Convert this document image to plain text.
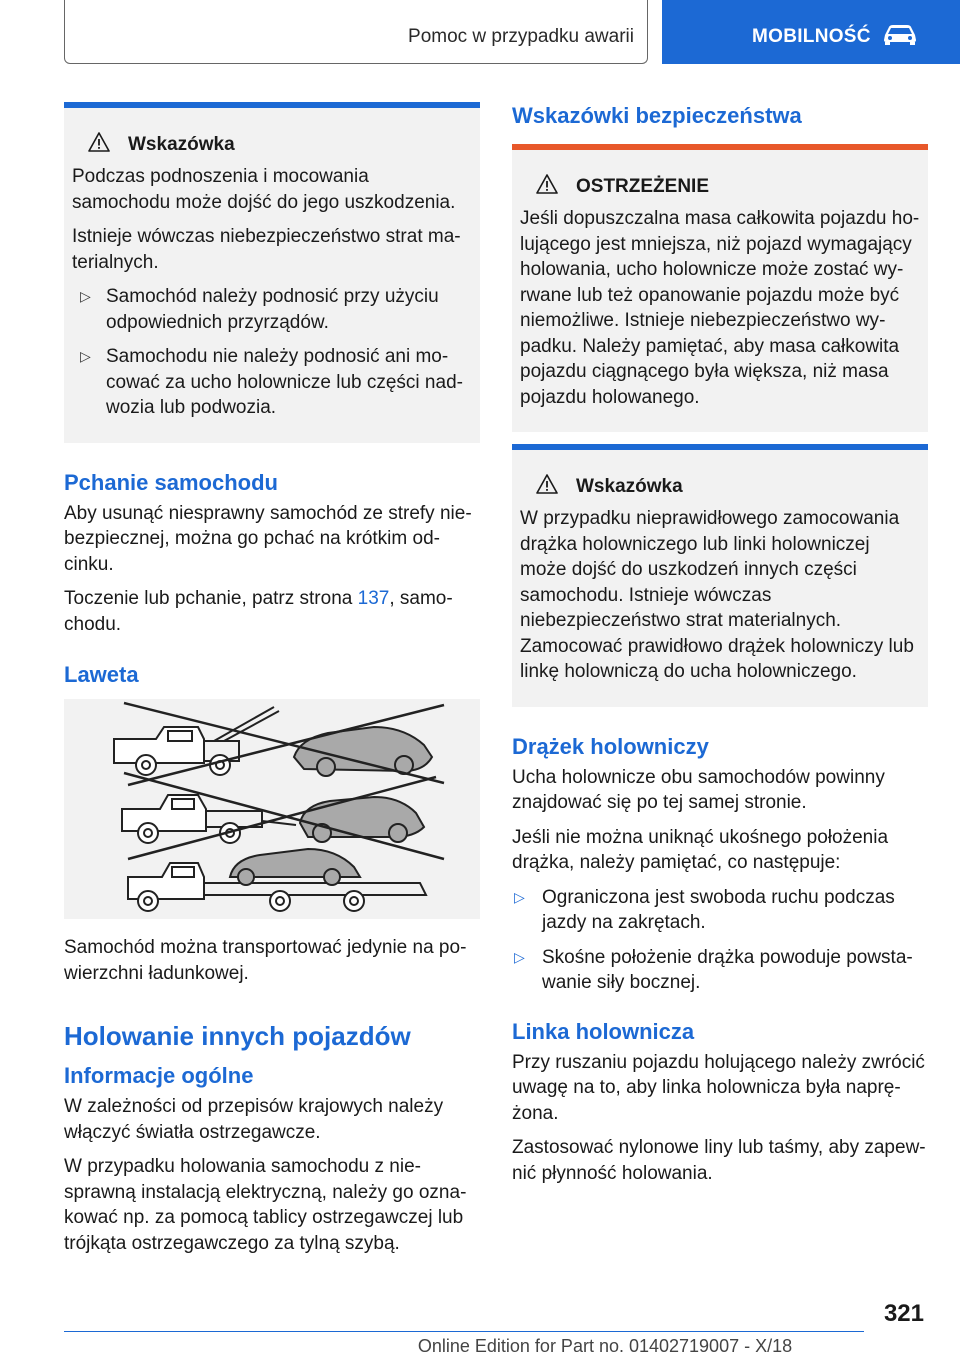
Pomoc w przypadku awarii	MOBILNOŚĆ
Wskazówka

Podczas podnoszenia i mocowania samochodu może dojść do jego uszkodzenia.

Istnieje wówczas niebezpieczeństwo strat materialnych.

▷ Samochód należy podnosić przy użyciu odpowiednich przyrządów.
▷ Samochodu nie należy podnosić ani mocować za ucho holownicze lub części nadwozia lub podwozia.
Pchanie samochodu

Aby usunąć niesprawny samochód ze strefy niebezpiecznej, można go pchać na krótkim odcinku.

Toczenie lub pchanie, patrz strona 137, samochodu.

Laweta

Samochód można transportować jedynie na powierzchni ładunkowej.

Holowanie innych pojazdów
Informacje ogólne

W zależności od przepisów krajowych należy włączyć światła ostrzegawcze.

W przypadku holowania samochodu z niesprawną instalacją elektryczną, należy go oznakować np. za pomocą tablicy ostrzegawczej lub trójkąta ostrzegawczego za tylną szybą.

Wskazówki bezpieczeństwa
OSTRZEŻENIE

Jeśli dopuszczalna masa całkowita pojazdu holującego jest mniejsza, niż pojazd wymagający holowania, ucho holownicze może zostać wyrwane lub też opanowanie pojazdu może być niemożliwe. Istnieje niebezpieczeństwo wypadku. Należy pamiętać, aby masa całkowita pojazdu ciągnącego była większa, niż masa pojazdu holowanego.

Wskazówka

W przypadku nieprawidłowego zamocowania drążka holowniczego lub linki holowniczej może dojść do uszkodzeń innych części samochodu. Istnieje wówczas niebezpieczeństwo strat materialnych. Zamocować prawidłowo drążek holowniczy lub linkę holowniczą do ucha holowniczego.

Drążek holowniczy

Ucha holownicze obu samochodów powinny znajdować się po tej samej stronie.

Jeśli nie można uniknąć ukośnego położenia drążka, należy pamiętać, co następuje:

▷ Ograniczona jest swoboda ruchu podczas jazdy na zakrętach.
▷ Skośne położenie drążka powoduje powstawanie siły bocznej.
Linka holownicza

Przy ruszaniu pojazdu holującego należy zwrócić uwagę na to, aby linka holownicza była naprężona.

Zastosować nylonowe liny lub taśmy, aby zapewnić płynność holowania.

321
Online Edition for Part no. 01402719007 - X/18
